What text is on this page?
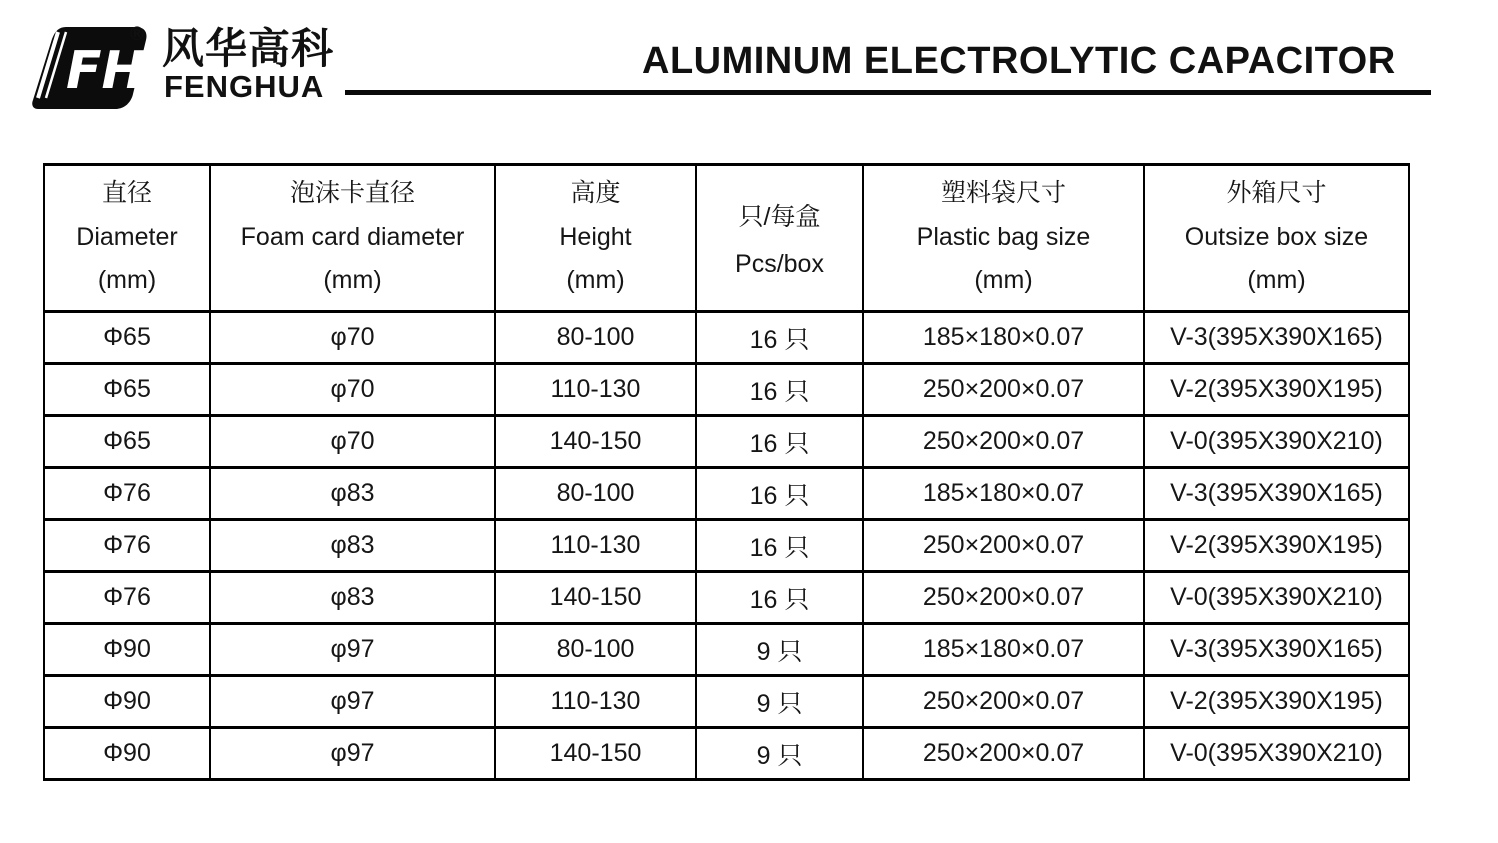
FH
® 风华高科
FENGHUA
ALUMINUM ELECTROLYTIC CAPACITOR
直径
Diameter
(mm)	泡沫卡直径
Foam card diameter
(mm)	高度
Height
(mm)	只/每盒
Pcs/box	塑料袋尺寸
Plastic bag size
(mm)	外箱尺寸
Outsize box size
(mm)

Φ65	φ70	80-100	16 只	185×180×0.07	V-3(395X390X165)
Φ65	φ70	110-130	16 只	250×200×0.07	V-2(395X390X195)
Φ65	φ70	140-150	16 只	250×200×0.07	V-0(395X390X210)
Φ76	φ83	80-100	16 只	185×180×0.07	V-3(395X390X165)
Φ76	φ83	110-130	16 只	250×200×0.07	V-2(395X390X195)
Φ76	φ83	140-150	16 只	250×200×0.07	V-0(395X390X210)
Φ90	φ97	80-100	9 只	185×180×0.07	V-3(395X390X165)
Φ90	φ97	110-130	9 只	250×200×0.07	V-2(395X390X195)
Φ90	φ97	140-150	9 只	250×200×0.07	V-0(395X390X210)
